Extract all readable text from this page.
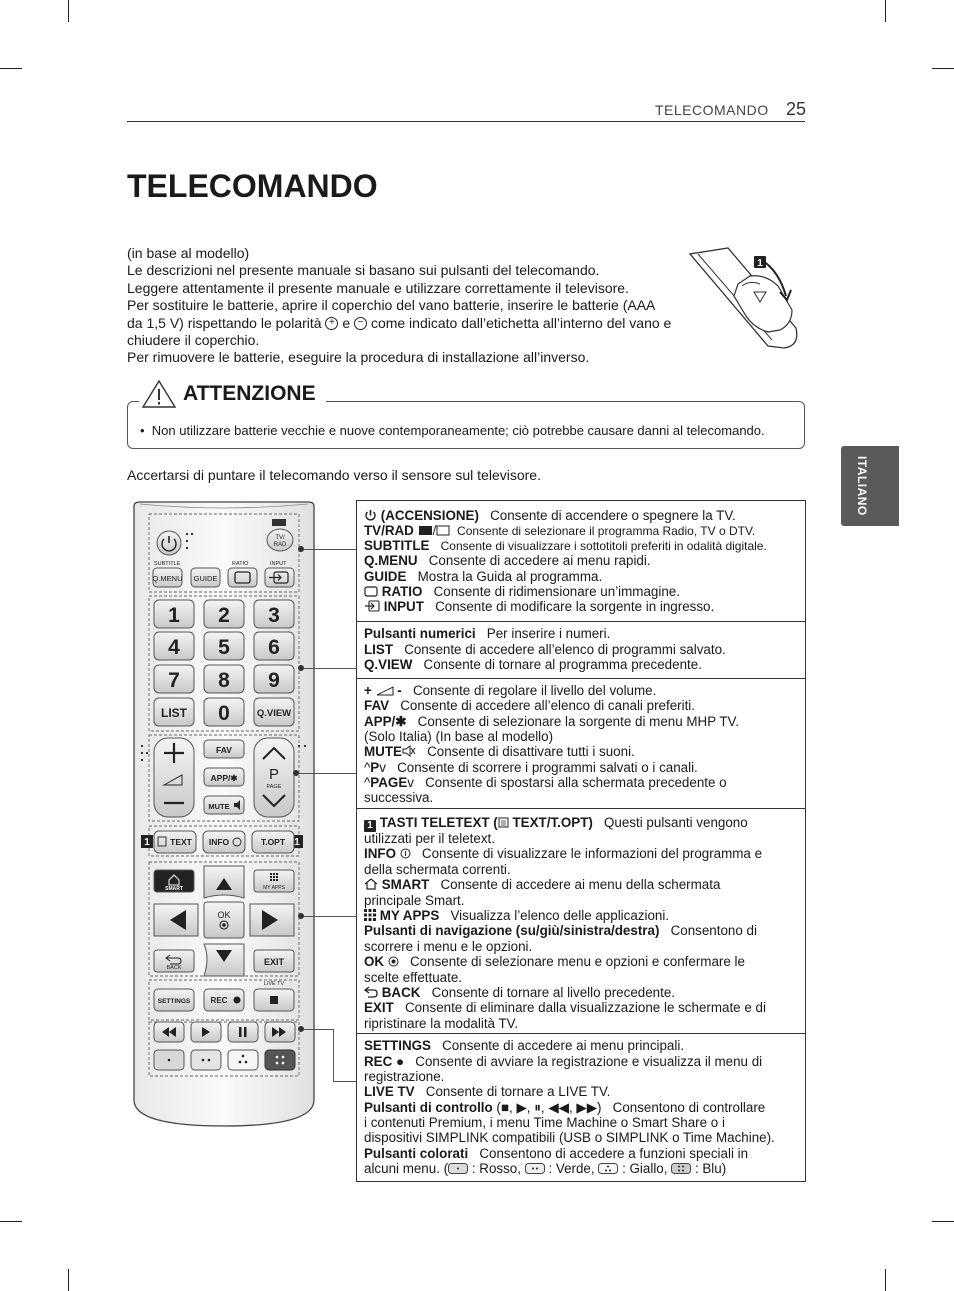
TELECOMANDO 25
TELECOMANDO
ITALIANO

(in base al modello)

Le descrizioni nel presente manuale si basano sui pulsanti del telecomando.

Leggere attentamente il presente manuale e utilizzare correttamente il televisore.

Per sostituire le batterie, aprire il coperchio del vano batterie, inserire le batterie (AAA

da 1,5 V) rispettando le polarità + e − come indicato dall’etichetta all’interno del vano e

chiudere il coperchio.

Per rimuovere le batterie, eseguire la procedura di installazione all’inverso.

1
ATTENZIONE
• Non utilizzare batterie vecchie e nuove contemporaneamente; ciò potrebbe causare danni al telecomando.
Accertarsi di puntare il telecomando verso il sensore sul televisore.
TV/
RAD
SUBTITLE	RATIO	INPUT
Q.MENU GUIDE
1 2 3
4 5 6
7 8 9
0
LIST	Q.VIEW
FAV
APP/✱
MUTE
P
PAGE
1	1
TEXT INFO	T.OPT
SMART	MY APPS
OK
BACK
EXIT
SETTINGS	REC
LIVE TV
(ACCENSIONE) Consente di accendere o spegnere la TV.
TV/RAD	Consente di selezionare il programma Radio, TV o DTV.
SUBTITLE Consente di visualizzare i sottotitoli preferiti in odalità digitale.
Q.MENU Consente di accedere ai menu rapidi.
GUIDE Mostra la Guida al programma.
RATIO Consente di ridimensionare un’immagine.
INPUT Consente di modificare la sorgente in ingresso.
Pulsanti numerici Per inserire i numeri.
LIST Consente di accedere all’elenco di programmi salvato.
Q.VIEW Consente di tornare al programma precedente.
+ - Consente di regolare il livello del volume.
FAV Consente di accedere all’elenco di canali preferiti.
APP/✱ Consente di selezionare la sorgente di menu MHP TV.
(Solo Italia) (In base al modello)
MUTE Consente di disattivare tutti i suoni.
^Pv Consente di scorrere i programmi salvati o i canali.
^PAGEv Consente di spostarsi alla schermata precedente o
successiva.
1 TASTI TELETEXT ( TEXT/T.OPT) Questi pulsanti vengono
utilizzati per il teletext.
INFO Consente di visualizzare le informazioni del programma e
della schermata correnti.
SMART Consente di accedere ai menu della schermata
principale Smart.
MY APPS Visualizza l’elenco delle applicazioni.
Pulsanti di navigazione (su/giù/sinistra/destra) Consentono di
scorrere i menu e le opzioni.
OK Consente di selezionare menu e opzioni e confermare le
scelte effettuate.
BACK Consente di tornare al livello precedente.
EXIT Consente di eliminare dalla visualizzazione le schermate e di
ripristinare la modalità TV.
SETTINGS Consente di accedere ai menu principali.
REC ● Consente di avviare la registrazione e visualizza il menu di
registrazione.
LIVE TV Consente di tornare a LIVE TV.
Pulsanti di controllo (■, ▶, ⏸, ◀◀, ▶▶)   Consentono di controllare
i contenuti Premium, i menu Time Machine o Smart Share o i
dispositivi SIMPLINK compatibili (USB o SIMPLINK o Time Machine).
Pulsanti colorati Consentono di accedere a funzioni speciali in
alcuni menu. ( : Rosso, : Verde, : Giallo, : Blu)
